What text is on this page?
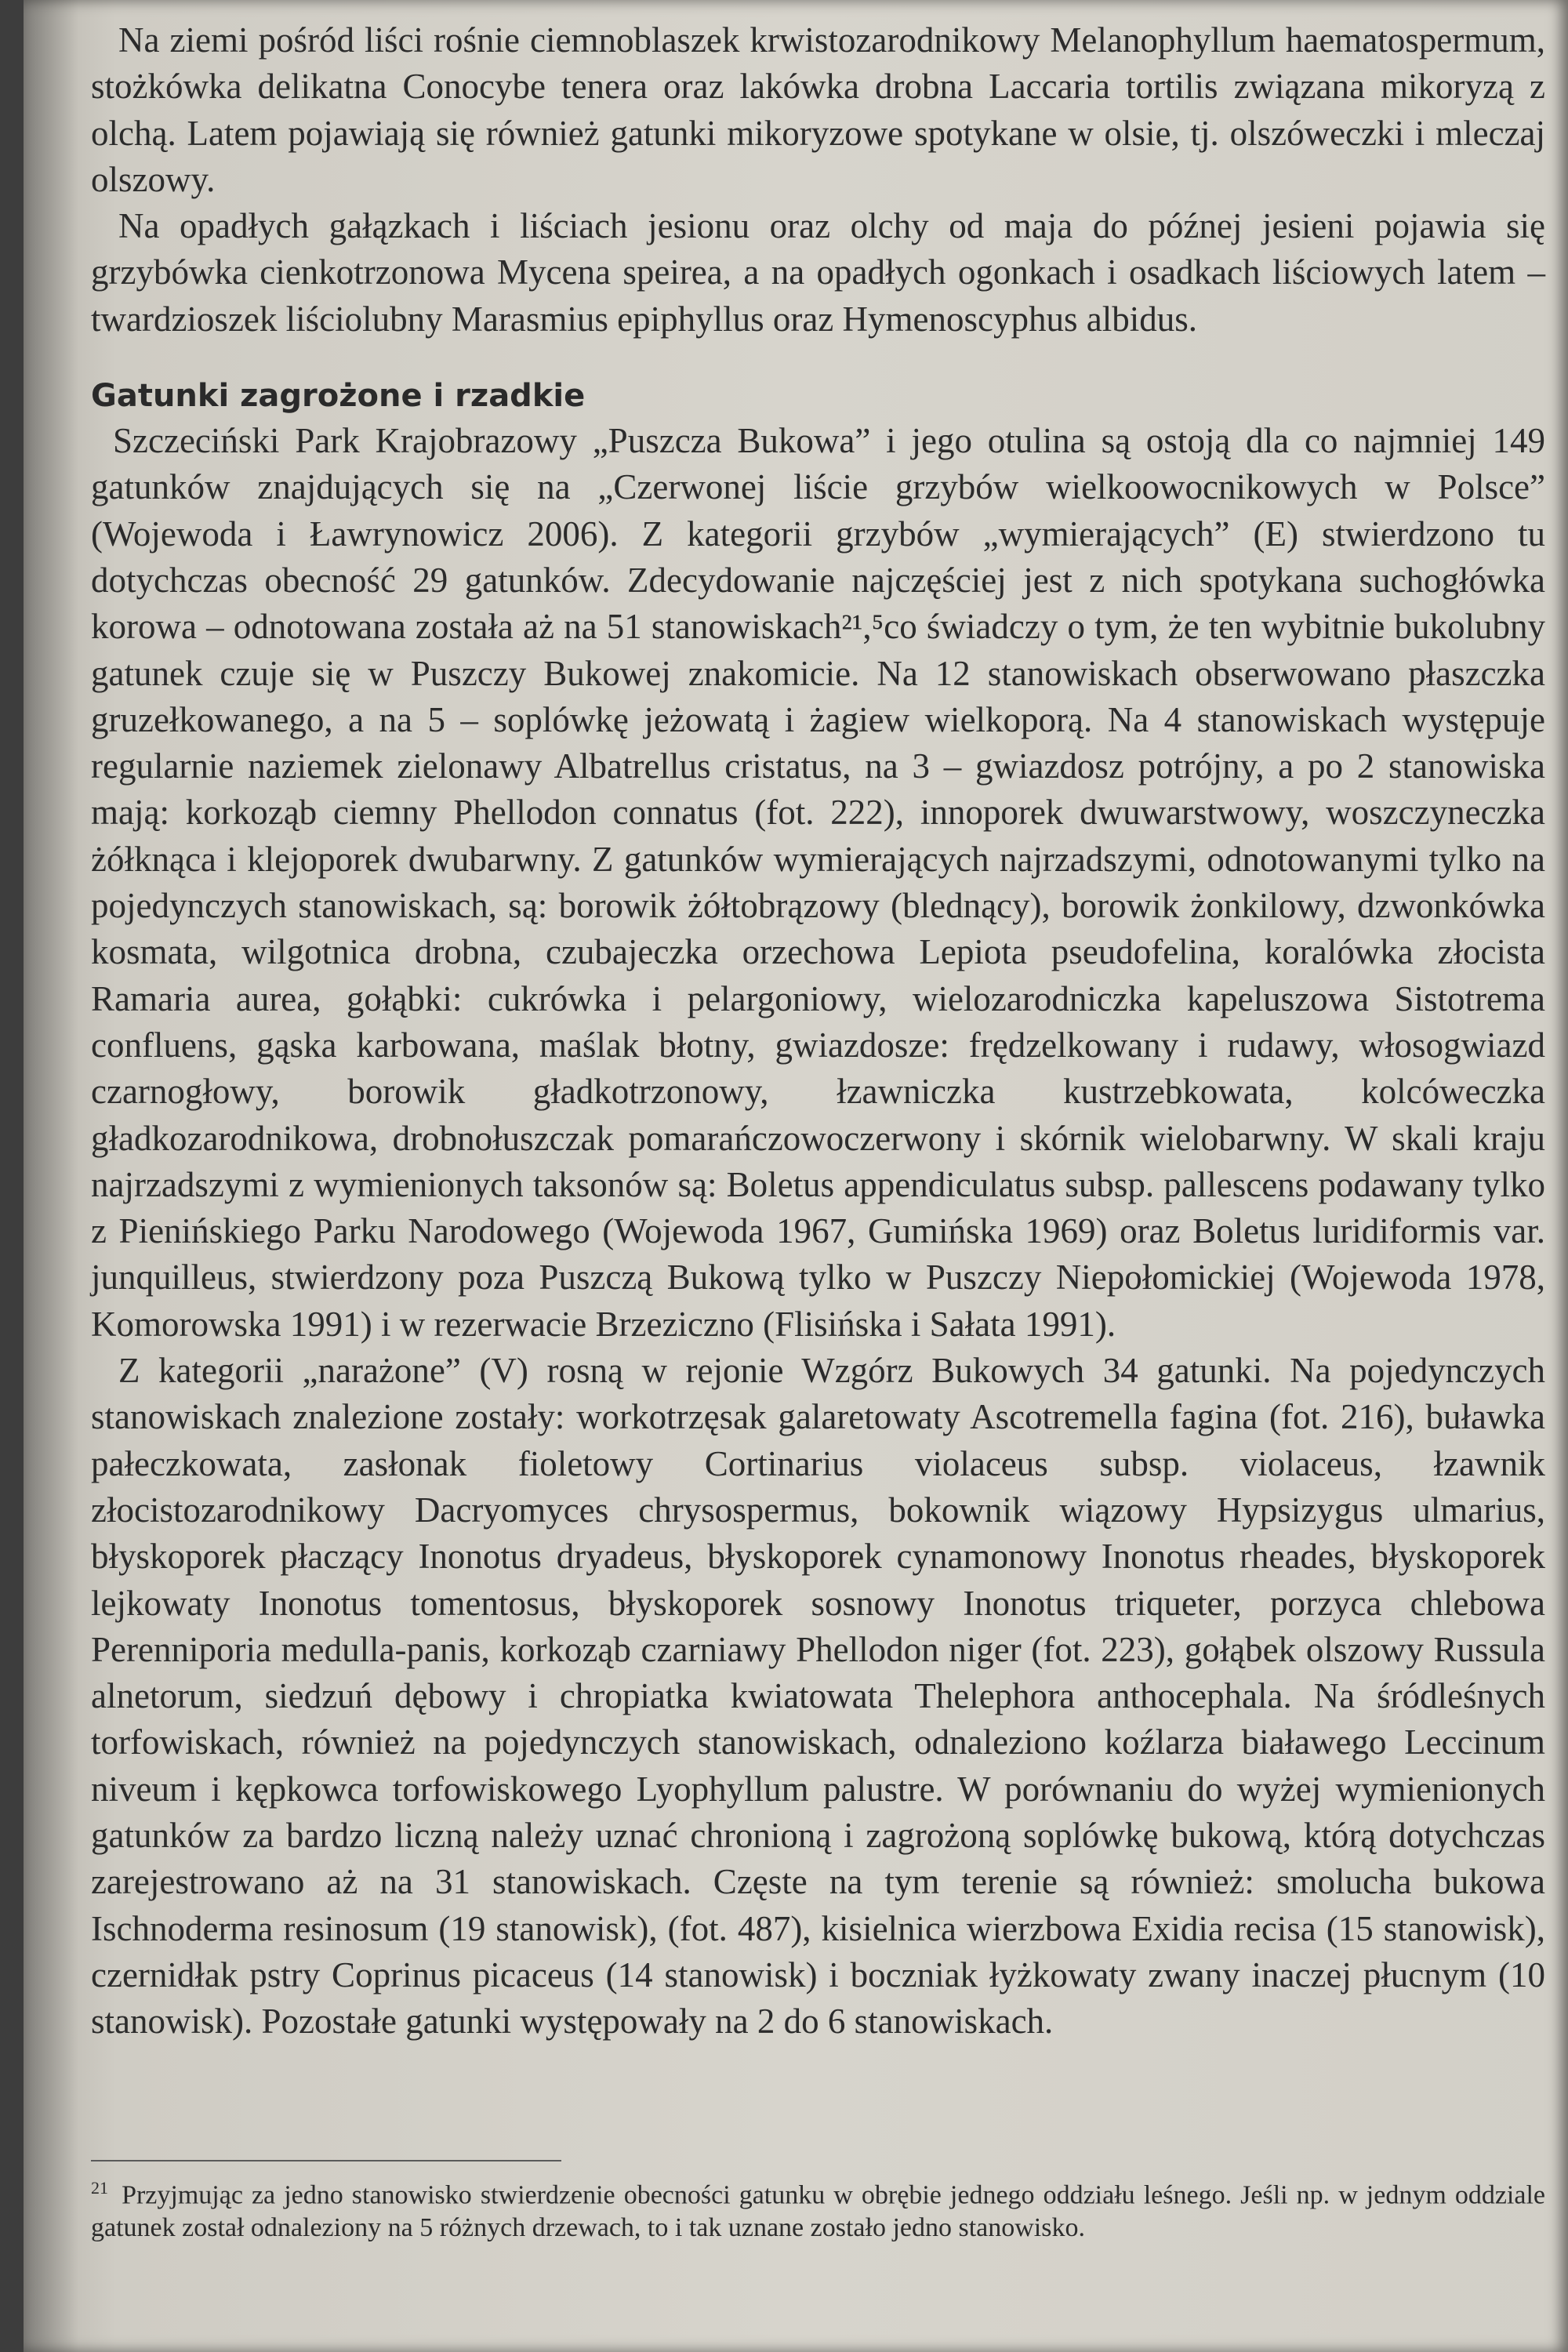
Na ziemi pośród liści rośnie ciemnoblaszek krwistozarodnikowy Melanophyllum haematospermum, stożkówka delikatna Conocybe tenera oraz lakówka drobna Laccaria tortilis związana mikoryzą z olchą. Latem pojawiają się również gatunki mikoryzowe spotykane w olsie, tj. olszóweczki i mleczaj olszowy.

Na opadłych gałązkach i liściach jesionu oraz olchy od maja do późnej jesieni pojawia się grzybówka cienkotrzonowa Mycena speirea, a na opadłych ogonkach i osadkach liściowych latem – twardzioszek liściolubny Marasmius epiphyllus oraz Hymenoscyphus albidus.

Gatunki zagrożone i rzadkie

Szczeciński Park Krajobrazowy „Puszcza Bukowa” i jego otulina są ostoją dla co najmniej 149 gatunków znajdujących się na „Czerwonej liście grzybów wielkoowocnikowych w Polsce” (Wojewoda i Ławrynowicz 2006). Z kategorii grzybów „wymierających” (E) stwierdzono tu dotychczas obecność 29 gatunków. Zdecydowanie najczęściej jest z nich spotykana suchogłówka korowa – odnotowana została aż na 51 stanowiskach²¹,⁵co świadczy o tym, że ten wybitnie bukolubny gatunek czuje się w Puszczy Bukowej znakomicie. Na 12 stanowiskach obserwowano płaszczka gruzełkowanego, a na 5 – soplówkę jeżowatą i żagiew wielkoporą. Na 4 stanowiskach występuje regularnie naziemek zielonawy Albatrellus cristatus, na 3 – gwiazdosz potrójny, a po 2 stanowiska mają: korkoząb ciemny Phellodon connatus (fot. 222), innoporek dwuwarstwowy, woszczyneczka żółknąca i klejoporek dwubarwny. Z gatunków wymierających najrzadszymi, odnotowanymi tylko na pojedynczych stanowiskach, są: borowik żółtobrązowy (blednący), borowik żonkilowy, dzwonkówka kosmata, wilgotnica drobna, czubajeczka orzechowa Lepiota pseudofelina, koralówka złocista Ramaria aurea, gołąbki: cukrówka i pelargoniowy, wielozarodniczka kapeluszowa Sistotrema confluens, gąska karbowana, maślak błotny, gwiazdosze: frędzelkowany i rudawy, włosogwiazd czarnogłowy, borowik gładkotrzonowy, łzawniczka kustrzebkowata, kolcóweczka gładkozarodnikowa, drobnołuszczak pomarańczowoczerwony i skórnik wielobarwny. W skali kraju najrzadszymi z wymienionych taksonów są: Boletus appendiculatus subsp. pallescens podawany tylko z Pienińskiego Parku Narodowego (Wojewoda 1967, Gumińska 1969) oraz Boletus luridiformis var. junquilleus, stwierdzony poza Puszczą Bukową tylko w Puszczy Niepołomickiej (Wojewoda 1978, Komorowska 1991) i w rezerwacie Brzeziczno (Flisińska i Sałata 1991).

Z kategorii „narażone” (V) rosną w rejonie Wzgórz Bukowych 34 gatunki. Na pojedynczych stanowiskach znalezione zostały: workotrzęsak galaretowaty Ascotremella fagina (fot. 216), buławka pałeczkowata, zasłonak fioletowy Cortinarius violaceus subsp. violaceus, łzawnik złocistozarodnikowy Dacryomyces chrysospermus, bokownik wiązowy Hypsizygus ulmarius, błyskoporek płaczący Inonotus dryadeus, błyskoporek cynamonowy Inonotus rheades, błyskoporek lejkowaty Inonotus tomentosus, błyskoporek sosnowy Inonotus triqueter, porzyca chlebowa Perenniporia medulla-panis, korkoząb czarniawy Phellodon niger (fot. 223), gołąbek olszowy Russula alnetorum, siedzuń dębowy i chropiatka kwiatowata Thelephora anthocephala. Na śródleśnych torfowiskach, również na pojedynczych stanowiskach, odnaleziono koźlarza białawego Leccinum niveum i kępkowca torfowiskowego Lyophyllum palustre. W porównaniu do wyżej wymienionych gatunków za bardzo liczną należy uznać chronioną i zagrożoną soplówkę bukową, którą dotychczas zarejestrowano aż na 31 stanowiskach. Częste na tym terenie są również: smolucha bukowa Ischnoderma resinosum (19 stanowisk), (fot. 487), kisielnica wierzbowa Exidia recisa (15 stanowisk), czernidłak pstry Coprinus picaceus (14 stanowisk) i boczniak łyżkowaty zwany inaczej płucnym (10 stanowisk). Pozostałe gatunki występowały na 2 do 6 stanowiskach.

$^{21}$ Przyjmując za jedno stanowisko stwierdzenie obecności gatunku w obrębie jednego oddziału leśnego. Jeśli np. w jednym oddziale gatunek został odnaleziony na 5 różnych drzewach, to i tak uznane zostało jedno stanowisko.
